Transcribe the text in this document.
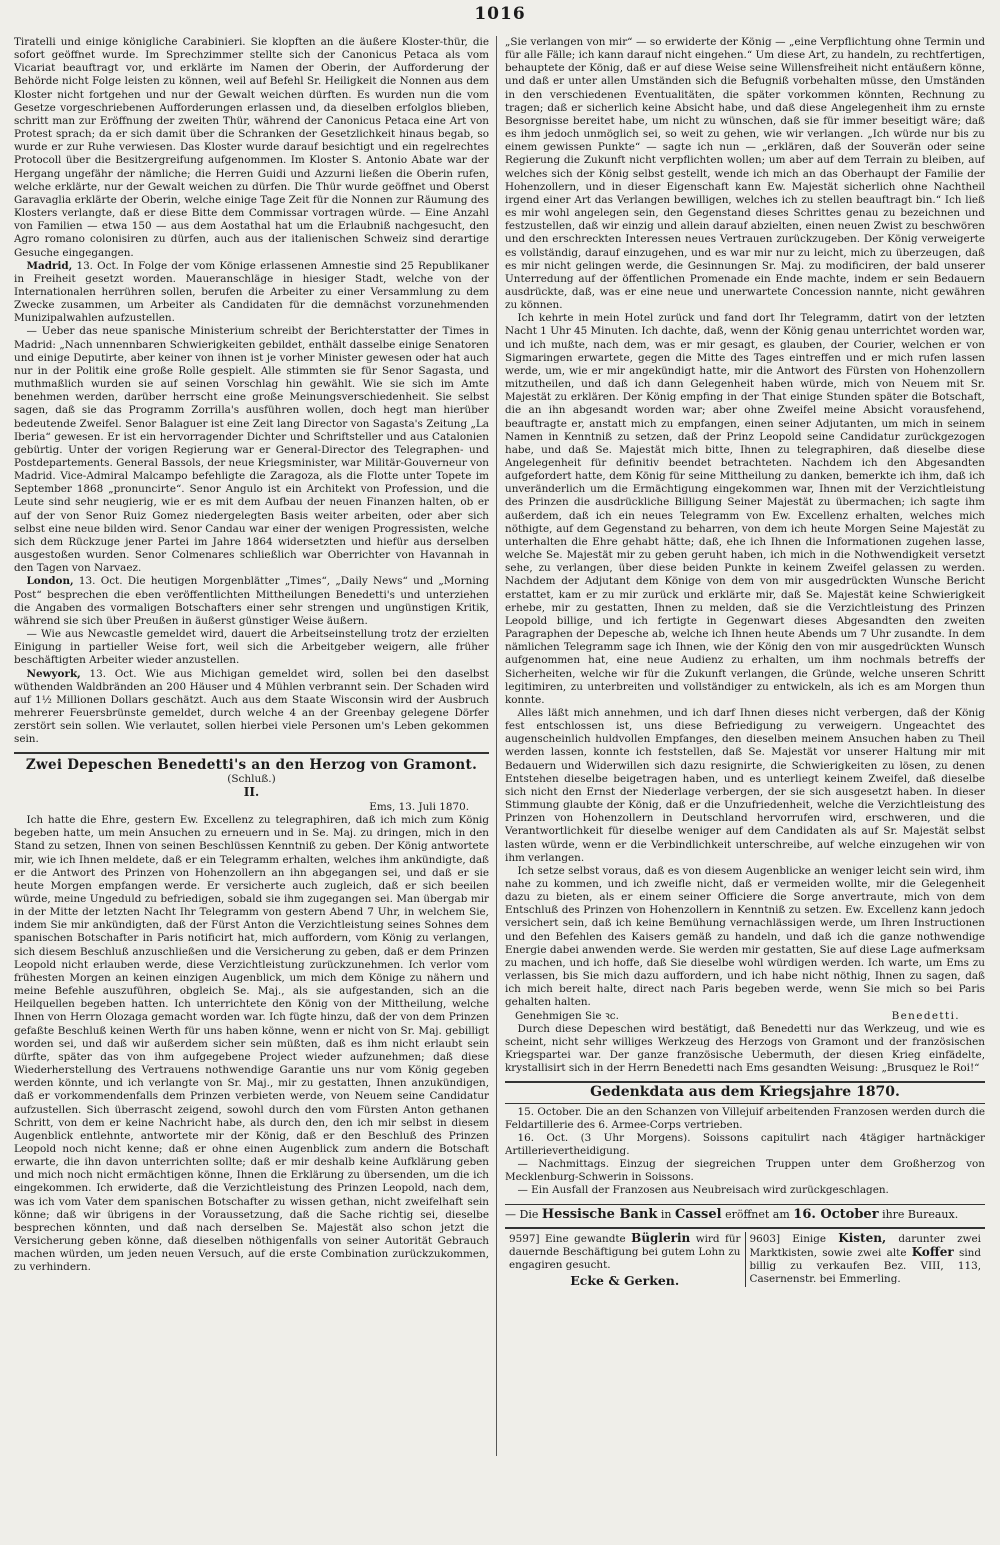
1016

Tiratelli und einige königliche Carabinieri. Sie klopften an die äußere Kloster-thür, die sofort geöffnet wurde. Im Sprechzimmer stellte sich der Canonicus Petaca als vom Vicariat beauftragt vor, und erklärte im Namen der Oberin, der Aufforderung der Behörde nicht Folge leisten zu können, weil auf Befehl Sr. Heiligkeit die Nonnen aus dem Kloster nicht fortgehen und nur der Gewalt weichen dürften. Es wurden nun die vom Gesetze vorgeschriebenen Aufforderungen erlassen und, da dieselben erfolglos blieben, schritt man zur Eröffnung der zweiten Thür, während der Canonicus Petaca eine Art von Protest sprach; da er sich damit über die Schranken der Gesetzlichkeit hinaus begab, so wurde er zur Ruhe verwiesen. Das Kloster wurde darauf besichtigt und ein regelrechtes Protocoll über die Besitzergreifung aufgenommen. Im Kloster S. Antonio Abate war der Hergang ungefähr der nämliche; die Herren Guidi und Azzurni ließen die Oberin rufen, welche erklärte, nur der Gewalt weichen zu dürfen. Die Thür wurde geöffnet und Oberst Garavaglia erklärte der Oberin, welche einige Tage Zeit für die Nonnen zur Räumung des Klosters verlangte, daß er diese Bitte dem Commissar vortragen würde. — Eine Anzahl von Familien — etwa 150 — aus dem Aostathal hat um die Erlaubniß nachgesucht, den Agro romano colonisiren zu dürfen, auch aus der italienischen Schweiz sind derartige Gesuche eingegangen.

Madrid, 13. Oct. In Folge der vom Könige erlassenen Amnestie sind 25 Republikaner in Freiheit gesetzt worden. Maueranschläge in hiesiger Stadt, welche von der Internationalen herrühren sollen, berufen die Arbeiter zu einer Versammlung zu dem Zwecke zusammen, um Arbeiter als Candidaten für die demnächst vorzunehmenden Munizipalwahlen aufzustellen.

— Ueber das neue spanische Ministerium schreibt der Berichterstatter der Times in Madrid: „Nach unnennbaren Schwierigkeiten gebildet, enthält dasselbe einige Senatoren und einige Deputirte, aber keiner von ihnen ist je vorher Minister gewesen oder hat auch nur in der Politik eine große Rolle gespielt. Alle stimmten sie für Senor Sagasta, und muthmaßlich wurden sie auf seinen Vorschlag hin gewählt. Wie sie sich im Amte benehmen werden, darüber herrscht eine große Meinungsverschiedenheit. Sie selbst sagen, daß sie das Programm Zorrilla's ausführen wollen, doch hegt man hierüber bedeutende Zweifel. Senor Balaguer ist eine Zeit lang Director von Sagasta's Zeitung „La Iberia“ gewesen. Er ist ein hervorragender Dichter und Schriftsteller und aus Catalonien gebürtig. Unter der vorigen Regierung war er General-Director des Telegraphen- und Postdepartements. General Bassols, der neue Kriegsminister, war Militär-Gouverneur von Madrid. Vice-Admiral Malcampo befehligte die Zaragoza, als die Flotte unter Topete im September 1868 „pronuncirte“. Senor Angulo ist ein Architekt von Profession, und die Leute sind sehr neugierig, wie er es mit dem Aufbau der neuen Finanzen halten, ob er auf der von Senor Ruiz Gomez niedergelegten Basis weiter arbeiten, oder aber sich selbst eine neue bilden wird. Senor Candau war einer der wenigen Progressisten, welche sich dem Rückzuge jener Partei im Jahre 1864 widersetzten und hiefür aus derselben ausgestoßen wurden. Senor Colmenares schließlich war Oberrichter von Havannah in den Tagen von Narvaez.

London, 13. Oct. Die heutigen Morgenblätter „Times“, „Daily News“ und „Morning Post“ besprechen die eben veröffentlichten Mittheilungen Benedetti's und unterziehen die Angaben des vormaligen Botschafters einer sehr strengen und ungünstigen Kritik, während sie sich über Preußen in äußerst günstiger Weise äußern.

— Wie aus Newcastle gemeldet wird, dauert die Arbeitseinstellung trotz der erzielten Einigung in partieller Weise fort, weil sich die Arbeitgeber weigern, alle früher beschäftigten Arbeiter wieder anzustellen.

Newyork, 13. Oct. Wie aus Michigan gemeldet wird, sollen bei den daselbst wüthenden Waldbränden an 200 Häuser und 4 Mühlen verbrannt sein. Der Schaden wird auf 1½ Millionen Dollars geschätzt. Auch aus dem Staate Wisconsin wird der Ausbruch mehrerer Feuersbrünste gemeldet, durch welche 4 an der Greenbay gelegene Dörfer zerstört sein sollen. Wie verlautet, sollen hierbei viele Personen um's Leben gekommen sein.

Zwei Depeschen Benedetti's an den Herzog von Gramont.
(Schluß.)
II.
Ems, 13. Juli 1870.

Ich hatte die Ehre, gestern Ew. Excellenz zu telegraphiren, daß ich mich zum König begeben hatte, um mein Ansuchen zu erneuern und in Se. Maj. zu dringen, mich in den Stand zu setzen, Ihnen von seinen Beschlüssen Kenntniß zu geben. Der König antwortete mir, wie ich Ihnen meldete, daß er ein Telegramm erhalten, welches ihm ankündigte, daß er die Antwort des Prinzen von Hohenzollern an ihn abgegangen sei, und daß er sie heute Morgen empfangen werde. Er versicherte auch zugleich, daß er sich beeilen würde, meine Ungeduld zu befriedigen, sobald sie ihm zugegangen sei. Man übergab mir in der Mitte der letzten Nacht Ihr Telegramm von gestern Abend 7 Uhr, in welchem Sie, indem Sie mir ankündigten, daß der Fürst Anton die Verzichtleistung seines Sohnes dem spanischen Botschafter in Paris notificirt hat, mich auffordern, vom König zu verlangen, sich diesem Beschluß anzuschließen und die Versicherung zu geben, daß er dem Prinzen Leopold nicht erlauben werde, diese Verzichtleistung zurückzunehmen. Ich verlor vom frühesten Morgen an keinen einzigen Augenblick, um mich dem Könige zu nähern und meine Befehle auszuführen, obgleich Se. Maj., als sie aufgestanden, sich an die Heilquellen begeben hatten. Ich unterrichtete den König von der Mittheilung, welche Ihnen von Herrn Olozaga gemacht worden war. Ich fügte hinzu, daß der von dem Prinzen gefaßte Beschluß keinen Werth für uns haben könne, wenn er nicht von Sr. Maj. gebilligt worden sei, und daß wir außerdem sicher sein müßten, daß es ihm nicht erlaubt sein dürfte, später das von ihm aufgegebene Project wieder aufzunehmen; daß diese Wiederherstellung des Vertrauens nothwendige Garantie uns nur vom König gegeben werden könnte, und ich verlangte von Sr. Maj., mir zu gestatten, Ihnen anzukündigen, daß er vorkommendenfalls dem Prinzen verbieten werde, von Neuem seine Candidatur aufzustellen. Sich überrascht zeigend, sowohl durch den vom Fürsten Anton gethanen Schritt, von dem er keine Nachricht habe, als durch den, den ich mir selbst in diesem Augenblick entlehnte, antwortete mir der König, daß er den Beschluß des Prinzen Leopold noch nicht kenne; daß er ohne einen Augenblick zum andern die Botschaft erwarte, die ihn davon unterrichten sollte; daß er mir deshalb keine Aufklärung geben und mich noch nicht ermächtigen könne, Ihnen die Erklärung zu übersenden, um die ich eingekommen. Ich erwiderte, daß die Verzichtleistung des Prinzen Leopold, nach dem, was ich vom Vater dem spanischen Botschafter zu wissen gethan, nicht zweifelhaft sein könne; daß wir übrigens in der Voraussetzung, daß die Sache richtig sei, dieselbe besprechen könnten, und daß nach derselben Se. Majestät also schon jetzt die Versicherung geben könne, daß dieselben nöthigenfalls von seiner Autorität Gebrauch machen würden, um jeden neuen Versuch, auf die erste Combination zurückzukommen, zu verhindern.

„Sie verlangen von mir“ — so erwiderte der König — „eine Verpflichtung ohne Termin und für alle Fälle; ich kann darauf nicht eingehen.“ Um diese Art, zu handeln, zu rechtfertigen, behauptete der König, daß er auf diese Weise seine Willensfreiheit nicht entäußern könne, und daß er unter allen Umständen sich die Befugniß vorbehalten müsse, den Umständen in den verschiedenen Eventualitäten, die später vorkommen könnten, Rechnung zu tragen; daß er sicherlich keine Absicht habe, und daß diese Angelegenheit ihm zu ernste Besorgnisse bereitet habe, um nicht zu wünschen, daß sie für immer beseitigt wäre; daß es ihm jedoch unmöglich sei, so weit zu gehen, wie wir verlangen. „Ich würde nur bis zu einem gewissen Punkte“ — sagte ich nun — „erklären, daß der Souverän oder seine Regierung die Zukunft nicht verpflichten wollen; um aber auf dem Terrain zu bleiben, auf welches sich der König selbst gestellt, wende ich mich an das Oberhaupt der Familie der Hohenzollern, und in dieser Eigenschaft kann Ew. Majestät sicherlich ohne Nachtheil irgend einer Art das Verlangen bewilligen, welches ich zu stellen beauftragt bin.“ Ich ließ es mir wohl angelegen sein, den Gegenstand dieses Schrittes genau zu bezeichnen und festzustellen, daß wir einzig und allein darauf abzielten, einen neuen Zwist zu beschwören und den erschreckten Interessen neues Vertrauen zurückzugeben. Der König verweigerte es vollständig, darauf einzugehen, und es war mir nur zu leicht, mich zu überzeugen, daß es mir nicht gelingen werde, die Gesinnungen Sr. Maj. zu modificiren, der bald unserer Unterredung auf der öffentlichen Promenade ein Ende machte, indem er sein Bedauern ausdrückte, daß, was er eine neue und unerwartete Concession nannte, nicht gewähren zu können.

Ich kehrte in mein Hotel zurück und fand dort Ihr Telegramm, datirt von der letzten Nacht 1 Uhr 45 Minuten. Ich dachte, daß, wenn der König genau unterrichtet worden war, und ich mußte, nach dem, was er mir gesagt, es glauben, der Courier, welchen er von Sigmaringen erwartete, gegen die Mitte des Tages eintreffen und er mich rufen lassen werde, um, wie er mir angekündigt hatte, mir die Antwort des Fürsten von Hohenzollern mitzutheilen, und daß ich dann Gelegenheit haben würde, mich von Neuem mit Sr. Majestät zu erklären. Der König empfing in der That einige Stunden später die Botschaft, die an ihn abgesandt worden war; aber ohne Zweifel meine Absicht vorausfehend, beauftragte er, anstatt mich zu empfangen, einen seiner Adjutanten, um mich in seinem Namen in Kenntniß zu setzen, daß der Prinz Leopold seine Candidatur zurückgezogen habe, und daß Se. Majestät mich bitte, Ihnen zu telegraphiren, daß dieselbe diese Angelegenheit für definitiv beendet betrachteten. Nachdem ich den Abgesandten aufgefordert hatte, dem König für seine Mittheilung zu danken, bemerkte ich ihm, daß ich unveränderlich um die Ermächtigung eingekommen war, Ihnen mit der Verzichtleistung des Prinzen die ausdrückliche Billigung Seiner Majestät zu übermachen; ich sagte ihm außerdem, daß ich ein neues Telegramm von Ew. Excellenz erhalten, welches mich nöthigte, auf dem Gegenstand zu beharren, von dem ich heute Morgen Seine Majestät zu unterhalten die Ehre gehabt hätte; daß, ehe ich Ihnen die Informationen zugehen lasse, welche Se. Majestät mir zu geben geruht haben, ich mich in die Nothwendigkeit versetzt sehe, zu verlangen, über diese beiden Punkte in keinem Zweifel gelassen zu werden. Nachdem der Adjutant dem Könige von dem von mir ausgedrückten Wunsche Bericht erstattet, kam er zu mir zurück und erklärte mir, daß Se. Majestät keine Schwierigkeit erhebe, mir zu gestatten, Ihnen zu melden, daß sie die Verzichtleistung des Prinzen Leopold billige, und ich fertigte in Gegenwart dieses Abgesandten den zweiten Paragraphen der Depesche ab, welche ich Ihnen heute Abends um 7 Uhr zusandte. In dem nämlichen Telegramm sage ich Ihnen, wie der König den von mir ausgedrückten Wunsch aufgenommen hat, eine neue Audienz zu erhalten, um ihm nochmals betreffs der Sicherheiten, welche wir für die Zukunft verlangen, die Gründe, welche unseren Schritt legitimiren, zu unterbreiten und vollständiger zu entwickeln, als ich es am Morgen thun konnte.

Alles läßt mich annehmen, und ich darf Ihnen dieses nicht verbergen, daß der König fest entschlossen ist, uns diese Befriedigung zu verweigern. Ungeachtet des augenscheinlich huldvollen Empfanges, den dieselben meinem Ansuchen haben zu Theil werden lassen, konnte ich feststellen, daß Se. Majestät vor unserer Haltung mir mit Bedauern und Widerwillen sich dazu resignirte, die Schwierigkeiten zu lösen, zu denen Entstehen dieselbe beigetragen haben, und es unterliegt keinem Zweifel, daß dieselbe sich nicht den Ernst der Niederlage verbergen, der sie sich ausgesetzt haben. In dieser Stimmung glaubte der König, daß er die Unzufriedenheit, welche die Verzichtleistung des Prinzen von Hohenzollern in Deutschland hervorrufen wird, erschweren, und die Verantwortlichkeit für dieselbe weniger auf dem Candidaten als auf Sr. Majestät selbst lasten würde, wenn er die Verbindlichkeit unterschreibe, auf welche einzugehen wir von ihm verlangen.

Ich setze selbst voraus, daß es von diesem Augenblicke an weniger leicht sein wird, ihm nahe zu kommen, und ich zweifle nicht, daß er vermeiden wollte, mir die Gelegenheit dazu zu bieten, als er einem seiner Officiere die Sorge anvertraute, mich von dem Entschluß des Prinzen von Hohenzollern in Kenntniß zu setzen. Ew. Excellenz kann jedoch versichert sein, daß ich keine Bemühung vernachlässigen werde, um Ihren Instructionen und den Befehlen des Kaisers gemäß zu handeln, und daß ich die ganze nothwendige Energie dabei anwenden werde. Sie werden mir gestatten, Sie auf diese Lage aufmerksam zu machen, und ich hoffe, daß Sie dieselbe wohl würdigen werden. Ich warte, um Ems zu verlassen, bis Sie mich dazu auffordern, und ich habe nicht nöthig, Ihnen zu sagen, daß ich mich bereit halte, direct nach Paris begeben werde, wenn Sie mich so bei Paris gehalten halten.

Genehmigen Sie ꝛc.	Benedetti.

Durch diese Depeschen wird bestätigt, daß Benedetti nur das Werkzeug, und wie es scheint, nicht sehr williges Werkzeug des Herzogs von Gramont und der französischen Kriegspartei war. Der ganze französische Uebermuth, der diesen Krieg einfädelte, krystallisirt sich in der Herrn Benedetti nach Ems gesandten Weisung: „Brusquez le Roi!“

Gedenkdata aus dem Kriegsjahre 1870.

15. October. Die an den Schanzen von Villejuif arbeitenden Franzosen werden durch die Feldartillerie des 6. Armee-Corps vertrieben.

16. Oct. (3 Uhr Morgens). Soissons capitulirt nach 4tägiger hartnäckiger Artillerievertheidigung.

— Nachmittags. Einzug der siegreichen Truppen unter dem Großherzog von Mecklenburg-Schwerin in Soissons.

— Ein Ausfall der Franzosen aus Neubreisach wird zurückgeschlagen.

— Die Hessische Bank in Cassel eröffnet am 16. October ihre Bureaux.
9597] Eine gewandte Büglerin wird für dauernde Beschäftigung bei gutem Lohn zu engagiren gesucht.
Ecke & Gerken.
9603] Einige Kisten, darunter zwei Marktkisten, sowie zwei alte Koffer sind billig zu verkaufen Bez. VIII, 113, Casernenstr. bei Emmerling.
